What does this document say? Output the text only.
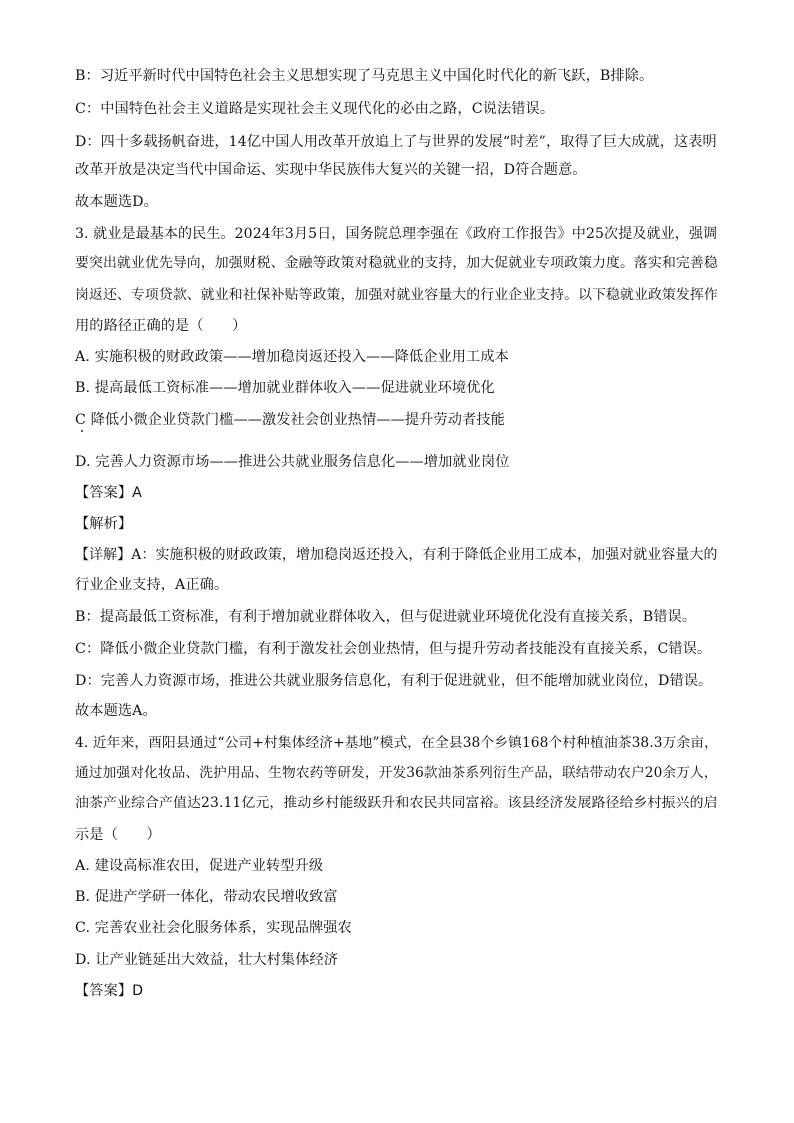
B：习近平新时代中国特色社会主义思想实现了马克思主义中国化时代化的新飞跃，B排除。
C：中国特色社会主义道路是实现社会主义现代化的必由之路，C说法错误。
D：四十多载扬帆奋进，14亿中国人用改革开放追上了与世界的发展“时差”，取得了巨大成就，这表明
改革开放是决定当代中国命运、实现中华民族伟大复兴的关键一招，D符合题意。
故本题选D。
3. 就业是最基本的民生。2024年3月5日，国务院总理李强在《政府工作报告》中25次提及就业，强调
要突出就业优先导向，加强财税、金融等政策对稳就业的支持，加大促就业专项政策力度。落实和完善稳
岗返还、专项贷款、就业和社保补贴等政策，加强对就业容量大的行业企业支持。以下稳就业政策发挥作
用的路径正确的是（　　）
A. 实施积极的财政政策——增加稳岗返还投入——降低企业用工成本
B. 提高最低工资标准——增加就业群体收入——促进就业环境优化
C 降低小微企业贷款门槛——激发社会创业热情——提升劳动者技能
D. 完善人力资源市场——推进公共就业服务信息化——增加就业岗位
【答案】A
【解析】
【详解】A：实施积极的财政政策，增加稳岗返还投入，有利于降低企业用工成本，加强对就业容量大的
行业企业支持，A正确。
B：提高最低工资标准，有利于增加就业群体收入，但与促进就业环境优化没有直接关系，B错误。
C：降低小微企业贷款门槛，有利于激发社会创业热情，但与提升劳动者技能没有直接关系，C错误。
D：完善人力资源市场，推进公共就业服务信息化，有利于促进就业，但不能增加就业岗位，D错误。
故本题选A。
4. 近年来，酉阳县通过“公司+村集体经济+基地”模式，在全县38个乡镇168个村种植油茶38.3万余亩，
通过加强对化妆品、洗护用品、生物农药等研发，开发36款油茶系列衍生产品，联结带动农户20余万人，
油茶产业综合产值达23.11亿元，推动乡村能级跃升和农民共同富裕。该县经济发展路径给乡村振兴的启
示是（　　）
A. 建设高标准农田，促进产业转型升级
B. 促进产学研一体化，带动农民增收致富
C. 完善农业社会化服务体系，实现品牌强农
D. 让产业链延出大效益，壮大村集体经济
【答案】D
